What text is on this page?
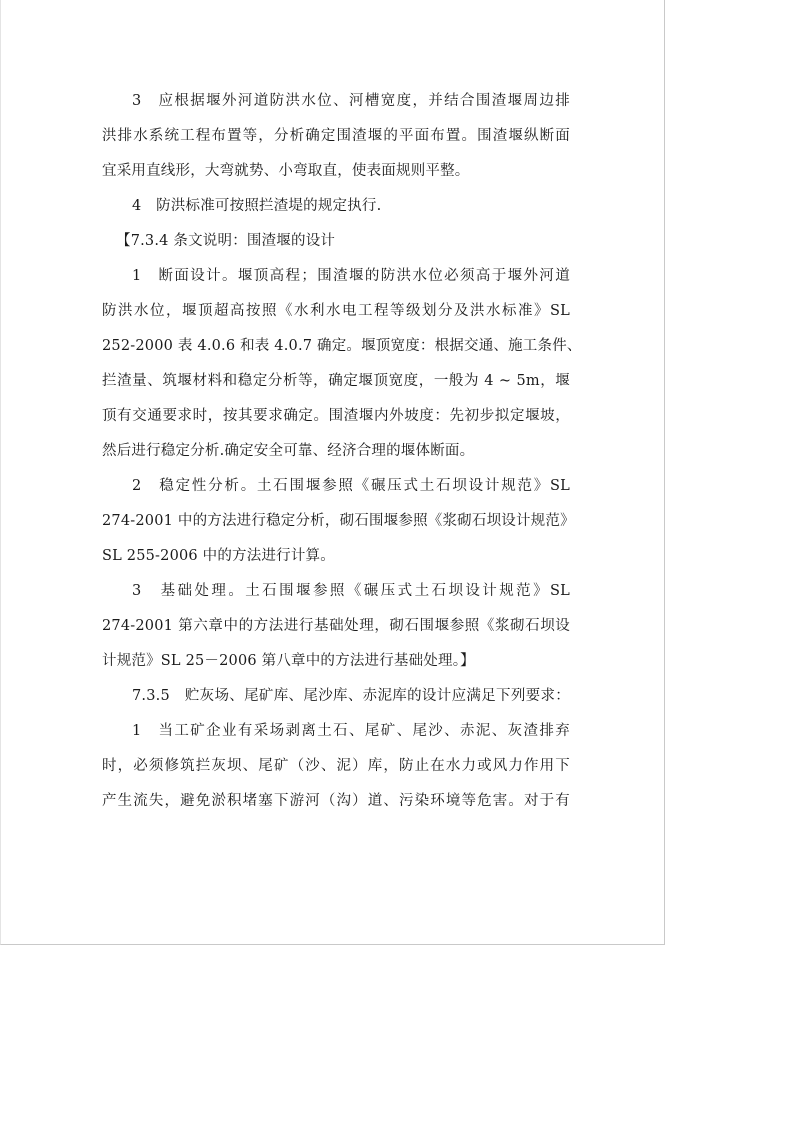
3　应根据堰外河道防洪水位、河槽宽度，并结合围渣堰周边排
洪排水系统工程布置等，分析确定围渣堰的平面布置。围渣堰纵断面
宜采用直线形，大弯就势、小弯取直，使表面规则平整。
4　防洪标准可按照拦渣堤的规定执行.
【7.3.4 条文说明：围渣堰的设计
1　断面设计。堰顶高程；围渣堰的防洪水位必须高于堰外河道
防洪水位，堰顶超高按照《水利水电工程等级划分及洪水标准》SL
252-2000 表 4.0.6 和表 4.0.7 确定。堰顶宽度：根据交通、施工条件、
拦渣量、筑堰材料和稳定分析等，确定堰顶宽度，一般为 4 ~ 5m，堰
顶有交通要求时，按其要求确定。围渣堰内外坡度：先初步拟定堰坡，
然后进行稳定分析.确定安全可靠、经济合理的堰体断面。
2　稳定性分析。土石围堰参照《碾压式土石坝设计规范》SL
274-2001 中的方法进行稳定分析，砌石围堰参照《浆砌石坝设计规范》
SL 255-2006 中的方法进行计算。
3　基础处理。土石围堰参照《碾压式土石坝设计规范》SL
274-2001 第六章中的方法进行基础处理，砌石围堰参照《浆砌石坝设
计规范》SL 25－2006 第八章中的方法进行基础处理。】
7.3.5　贮灰场、尾矿库、尾沙库、赤泥库的设计应满足下列要求：
1　当工矿企业有采场剥离土石、尾矿、尾沙、赤泥、灰渣排弃
时，必须修筑拦灰坝、尾矿（沙、泥）库，防止在水力或风力作用下
产生流失，避免淤积堵塞下游河（沟）道、污染环境等危害。对于有
